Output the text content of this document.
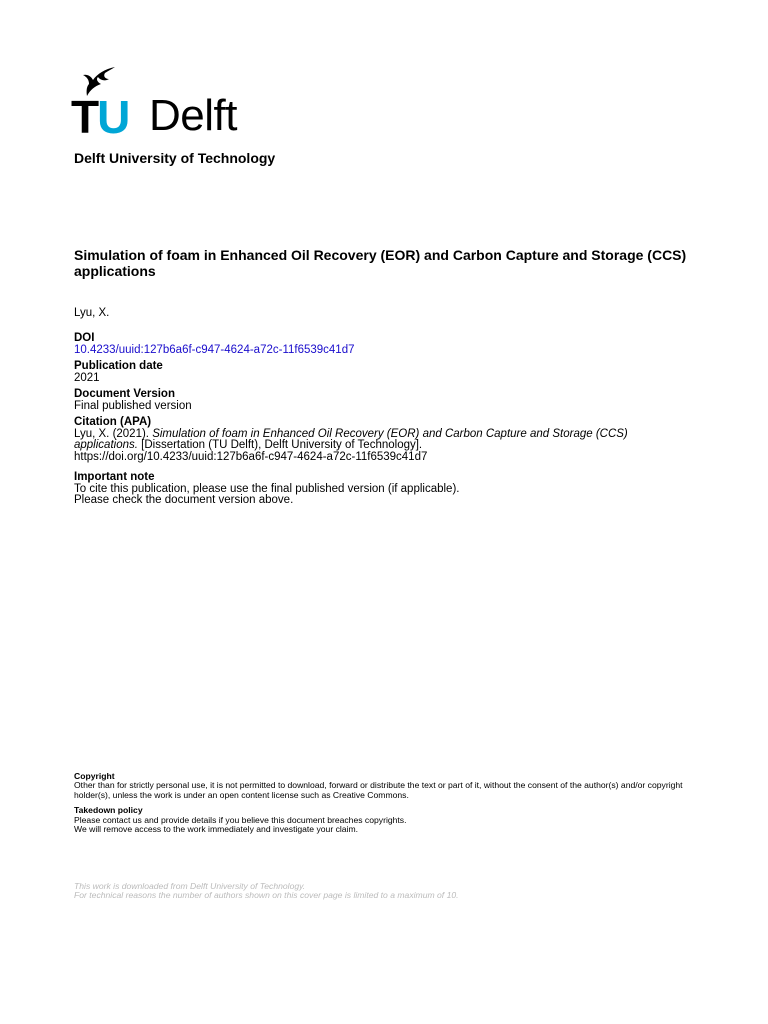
TU Delft
Delft University of Technology
Simulation of foam in Enhanced Oil Recovery (EOR) and Carbon Capture and Storage (CCS) applications
Lyu, X.
DOI
10.4233/uuid:127b6a6f-c947-4624-a72c-11f6539c41d7
Publication date
2021
Document Version
Final published version
Citation (APA)
Lyu, X. (2021). Simulation of foam in Enhanced Oil Recovery (EOR) and Carbon Capture and Storage (CCS) applications. [Dissertation (TU Delft), Delft University of Technology].
https://doi.org/10.4233/uuid:127b6a6f-c947-4624-a72c-11f6539c41d7
Important note
To cite this publication, please use the final published version (if applicable).
Please check the document version above.
Copyright
Other than for strictly personal use, it is not permitted to download, forward or distribute the text or part of it, without the consent of the author(s) and/or copyright holder(s), unless the work is under an open content license such as Creative Commons.
Takedown policy
Please contact us and provide details if you believe this document breaches copyrights.
We will remove access to the work immediately and investigate your claim.
This work is downloaded from Delft University of Technology.
For technical reasons the number of authors shown on this cover page is limited to a maximum of 10.
